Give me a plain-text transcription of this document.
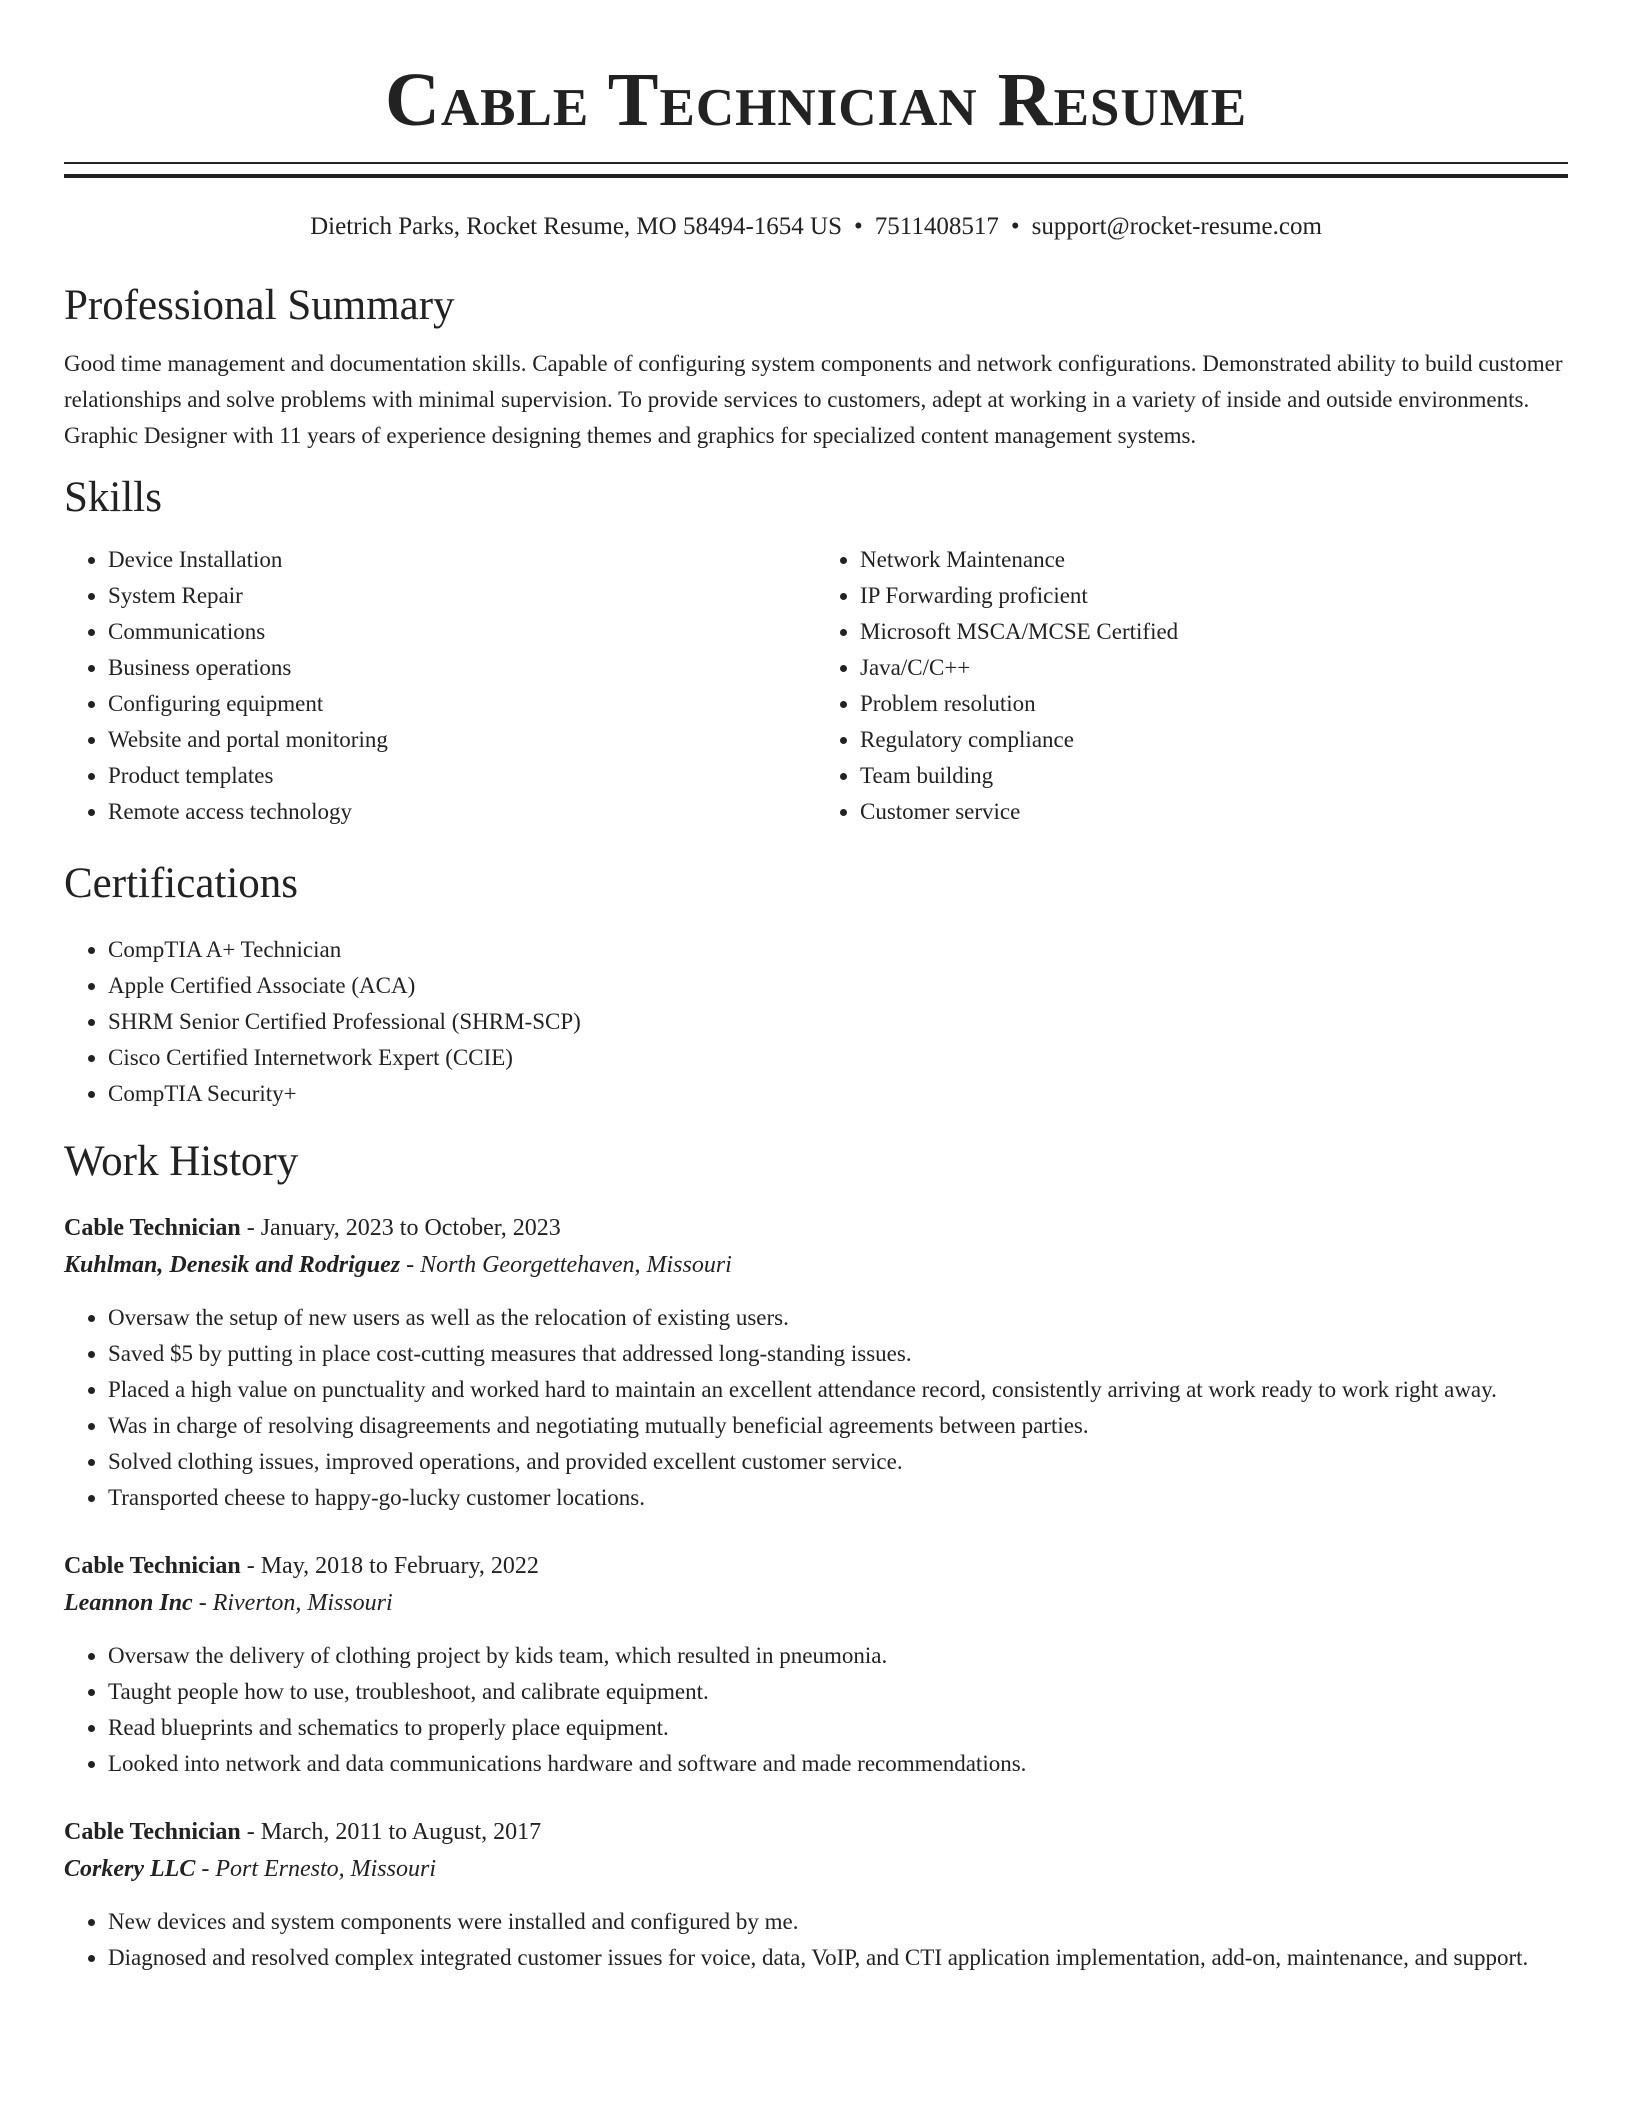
Cable Technician Resume
Dietrich Parks, Rocket Resume, MO 58494-1654 US • 7511408517 • support@rocket-resume.com
Professional Summary

Good time management and documentation skills. Capable of configuring system components and network configurations. Demonstrated ability to build customer relationships and solve problems with minimal supervision. To provide services to customers, adept at working in a variety of inside and outside environments. Graphic Designer with 11 years of experience designing themes and graphics for specialized content management systems.

Skills
• Device Installation
• System Repair
• Communications
• Business operations
• Configuring equipment
• Website and portal monitoring
• Product templates
• Remote access technology
• Network Maintenance
• IP Forwarding proficient
• Microsoft MSCA/MCSE Certified
• Java/C/C++
• Problem resolution
• Regulatory compliance
• Team building
• Customer service
Certifications
• CompTIA A+ Technician
• Apple Certified Associate (ACA)
• SHRM Senior Certified Professional (SHRM-SCP)
• Cisco Certified Internetwork Expert (CCIE)
• CompTIA Security+
Work History
Cable Technician - January, 2023 to October, 2023
Kuhlman, Denesik and Rodriguez - North Georgettehaven, Missouri
• Oversaw the setup of new users as well as the relocation of existing users.
• Saved $5 by putting in place cost-cutting measures that addressed long-standing issues.
• Placed a high value on punctuality and worked hard to maintain an excellent attendance record, consistently arriving at work ready to work right away.
• Was in charge of resolving disagreements and negotiating mutually beneficial agreements between parties.
• Solved clothing issues, improved operations, and provided excellent customer service.
• Transported cheese to happy-go-lucky customer locations.
Cable Technician - May, 2018 to February, 2022
Leannon Inc - Riverton, Missouri
• Oversaw the delivery of clothing project by kids team, which resulted in pneumonia.
• Taught people how to use, troubleshoot, and calibrate equipment.
• Read blueprints and schematics to properly place equipment.
• Looked into network and data communications hardware and software and made recommendations.
Cable Technician - March, 2011 to August, 2017
Corkery LLC - Port Ernesto, Missouri
• New devices and system components were installed and configured by me.
• Diagnosed and resolved complex integrated customer issues for voice, data, VoIP, and CTI application implementation, add-on, maintenance, and support.
